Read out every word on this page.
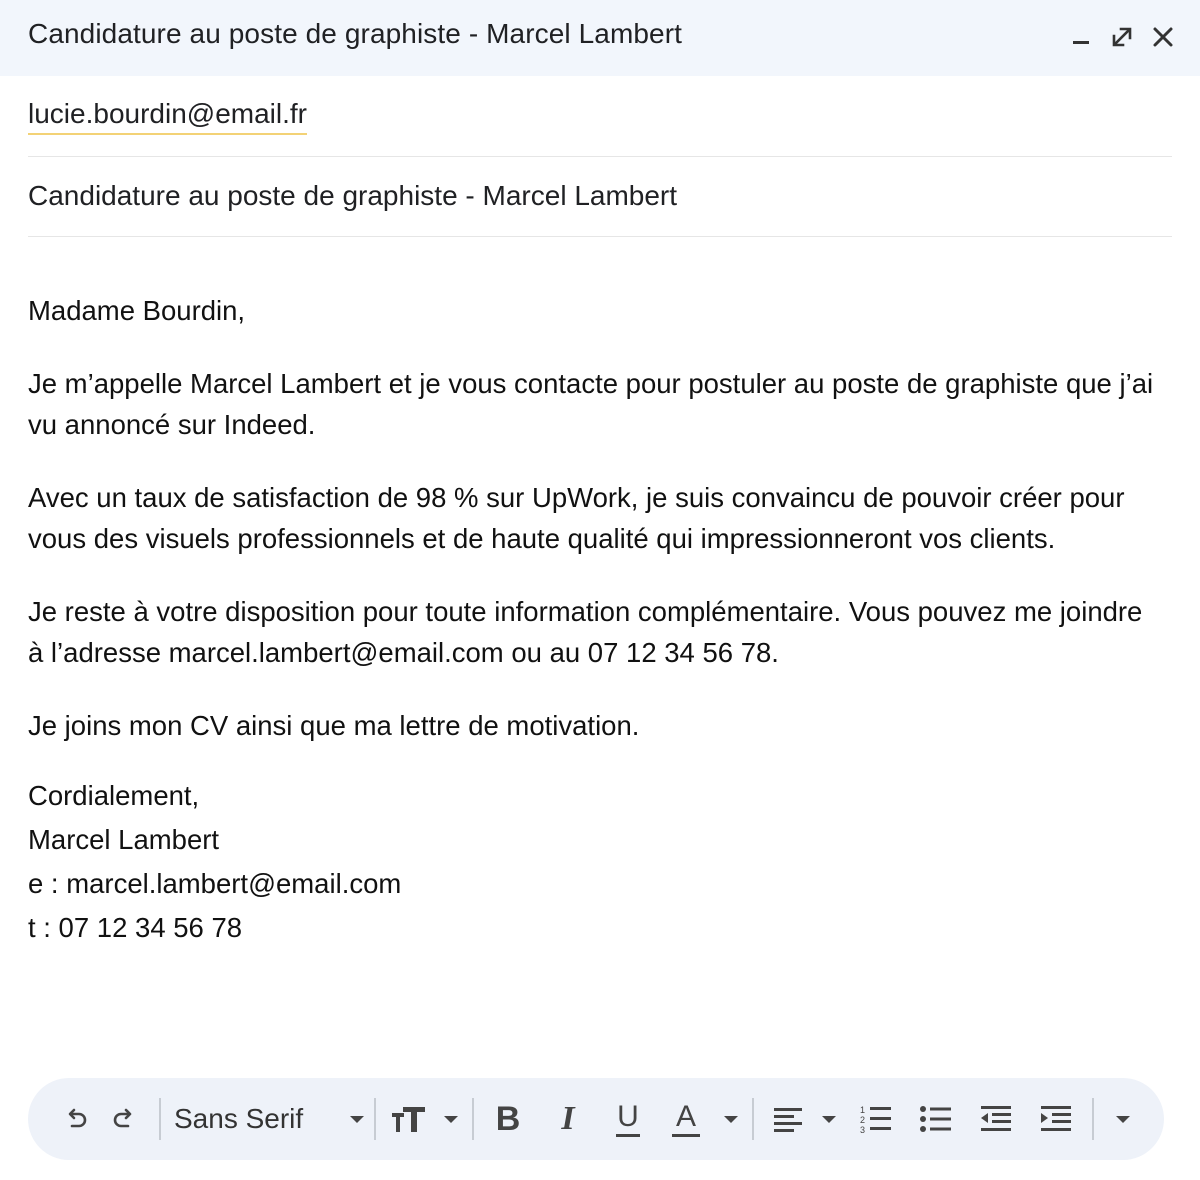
Candidature au poste de graphiste - Marcel Lambert
lucie.bourdin@email.fr
Candidature au poste de graphiste - Marcel Lambert

Madame Bourdin,

Je m’appelle Marcel Lambert et je vous contacte pour postuler au poste de graphiste que j’ai vu annoncé sur Indeed.

Avec un taux de satisfaction de 98 % sur UpWork, je suis convaincu de pouvoir créer pour vous des visuels professionnels et de haute qualité qui impressionneront vos clients.

Je reste à votre disposition pour toute information complémentaire. Vous pouvez me joindre à l’adresse marcel.lambert@email.com ou au 07 12 34 56 78.

Je joins mon CV ainsi que ma lettre de motivation.

Cordialement,
Marcel Lambert
e : marcel.lambert@email.com
t : 07 12 34 56 78
Sans Serif	B I U A	1
2
3
